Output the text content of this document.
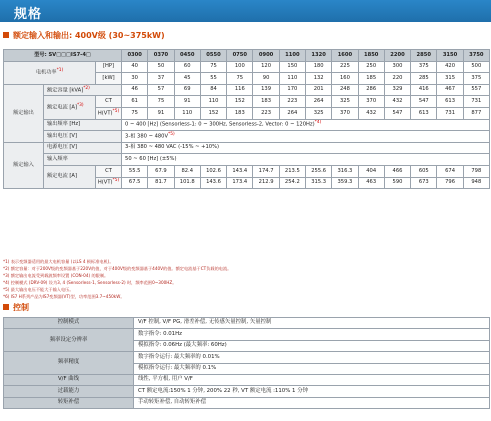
规格
额定输入和输出: 400V级 (30~375kW)
型号: SV□□□IS7-4□			0300	0370	0450	0550	0750	0900	1100	1320	1600	1850	2200	2850	3150	3750
电机功率$^{*1)}$		[HP]	40	50	60	75	100	120	150	180	225	250	300	375	420	500
		[kW]	30	37	45	55	75	90	110	132	160	185	220	285	315	375
额定输出	额定容量 [kVA]$^{*2)}$		46	57	69	84	116	139	170	201	248	286	329	416	467	557
	额定电流 $[A]^{*3)}$	CT	61	75	91	110	152	183	223	264	325	370	432	547	613	731
		H(VT)$^{*5)}$	75	91	110	152	183	223	264	325	370	432	547	613	731	877
	输出频率 [Hz]		0 ~ 400 [Hz] (Sensorless-1: 0 ~ 300Hz, Sensorless-2, Vector: 0 ~ 120Hz)$^{*4)}$
	输出电压 [V]		3-相 380 ~ $480V^{*5)}$
额定输入	电源电压 [V]		3-相 380 ~ 480 VAC (-15% ~ +10%)													
	输入频率		50 ~ 60 [Hz] (±5%)													
	额定电流 [A]	CT	55.5	67.9	82.4	102.6	143.4	174.7	213.5	255.6	316.3	404	466	605	674	798
		H(VT)$^{*5)}$	67.5	81.7	101.8	143.6	173.4	212.9	254.2	315.3	359.3	463	590	673	796	948
*1) 表示变频器适用的最大电机容量 (以LS 4 极标准电机)。
*2) 额定容量：对于200V级的变频器基于220V的值，对于400V级的变频器基于440V的值。额定电流基于CT负载的电流。
*3) 额定输出电流受到载波频率设置 (CON-04) 的限制。
*4) 控制模式 (DRV-09) 设为3, 4 (Sensorless-1, Sensorless-2) 时，频率范围0~300HZ。
*5) 最大输出电压不能大于输入电压。
*6) IS7 H系列产品为IS7变频器(VT)型，功率范围3.7~450kW。
控制
控制模式	V/F 控制, V/F PG, 滑差补偿, 无传感矢量控制, 矢量控制
频率设定分辨率	数字指令: 0.01Hz
	模拟指令: 0.06Hz (最大频率: 60Hz)
频率精度	数字指令运行: 最大频率的 0.01%
	模拟指令运行: 最大频率的 0.1%
V/F 曲线	线性, 平方根, 用户 V/F
过载能力	CT 额定电流:150% 1 分钟, 200% 22 秒, VT 额定电流 :110% 1 分钟
转矩补偿	手动转矩补偿, 自动转矩补偿
